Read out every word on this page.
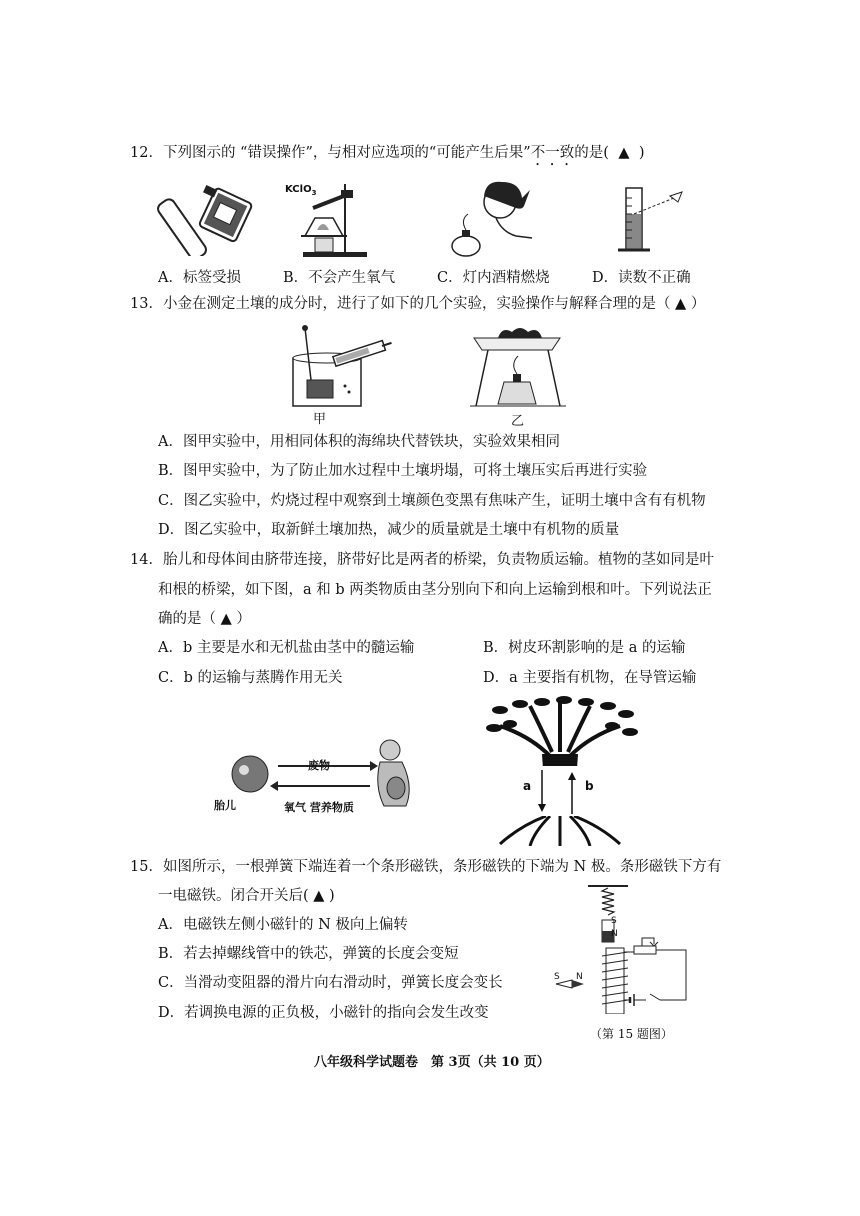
12．下列图示的 “错误操作”，与相对应选项的“可能产生后果”不一致的是( ▲ )
KClO$_3$
A．标签受损	B．不会产生氧气	C．灯内酒精燃烧	D．读数不正确
13．小金在测定土壤的成分时，进行了如下的几个实验，实验操作与解释合理的是（ ▲ ）
甲	乙
A．图甲实验中，用相同体积的海绵块代替铁块，实验效果相同
B．图甲实验中，为了防止加水过程中土壤坍塌，可将土壤压实后再进行实验
C．图乙实验中，灼烧过程中观察到土壤颜色变黑有焦味产生，证明土壤中含有有机物
D．图乙实验中，取新鲜土壤加热，减少的质量就是土壤中有机物的质量
14．胎儿和母体间由脐带连接，脐带好比是两者的桥梁，负责物质运输。植物的茎如同是叶
和根的桥梁，如下图，a 和 b 两类物质由茎分别向下和向上运输到根和叶。下列说法正
确的是（ ▲ ）
A．b 主要是水和无机盐由茎中的髓运输	B．树皮环割影响的是 a 的运输
C．b 的运输与蒸腾作用无关	D．a 主要指有机物，在导管运输
废物
胎儿	氧气 营养物质
a	b
15．如图所示，一根弹簧下端连着一个条形磁铁，条形磁铁的下端为 N 极。条形磁铁下方有
一电磁铁。闭合开关后( ▲ )
A．电磁铁左侧小磁针的 N 极向上偏转
B．若去掉螺线管中的铁芯，弹簧的长度会变短
C．当滑动变阻器的滑片向右滑动时，弹簧长度会变长
D．若调换电源的正负极，小磁针的指向会发生改变
S
N
S N
（第 15 题图）
八年级科学试题卷　第 3页（共 10 页）
